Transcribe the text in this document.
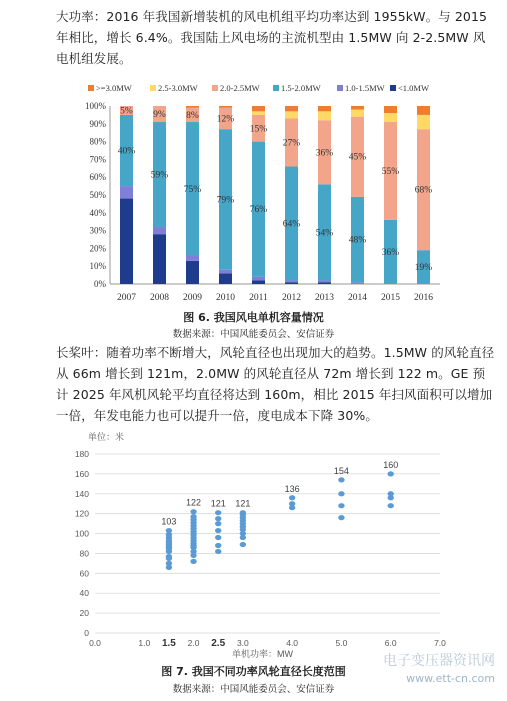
大功率：2016 年我国新增装机的风电机组平均功率达到 1955kW。与 2015 年相比，增长 6.4%。我国陆上风电场的主流机型由 1.5MW 向 2-2.5MW 风电机组发展。
>=3.0MW	2.5-3.0MW	2.0-2.5MW	1.5-2.0MW	1.0-1.5MW <1.0MW
0%
10%
20%
30%
40%
50%
60%
70%
80%
90%
100%
40%
59%
75%
79%
76%
64%
54%
48%
36%
19%
5% 9% 8% 12%
15%
27%
36% 45%
55%
68%
2007 2008 2009 2010 2011 2012 2013 2014 2015 2016
图 6. 我国风电单机容量情况
数据来源：中国风能委员会、安信证券
长桨叶：随着功率不断增大，风轮直径也出现加大的趋势。1.5MW 的风轮直径从 66m 增长到 121m，2.0MW 的风轮直径从 72m 增长到 122 m。GE 预计 2025 年风机风轮平均直径将达到 160m，相比 2015 年扫风面积可以增加一倍，年发电能力也可以提升一倍，度电成本下降 30%。
0
20
40
60
80
100
120
140
160
180
单位：米
0.0	1.0 1.5 2.0 2.5 3.0	4.0	5.0	6.0	7.0
单机功率：MW
103
122 121 121
136
154
160
图 7. 我国不同功率风轮直径长度范围
数据来源：中国风能委员会、安信证券
电子变压器资讯网
www.ett-cn.com
